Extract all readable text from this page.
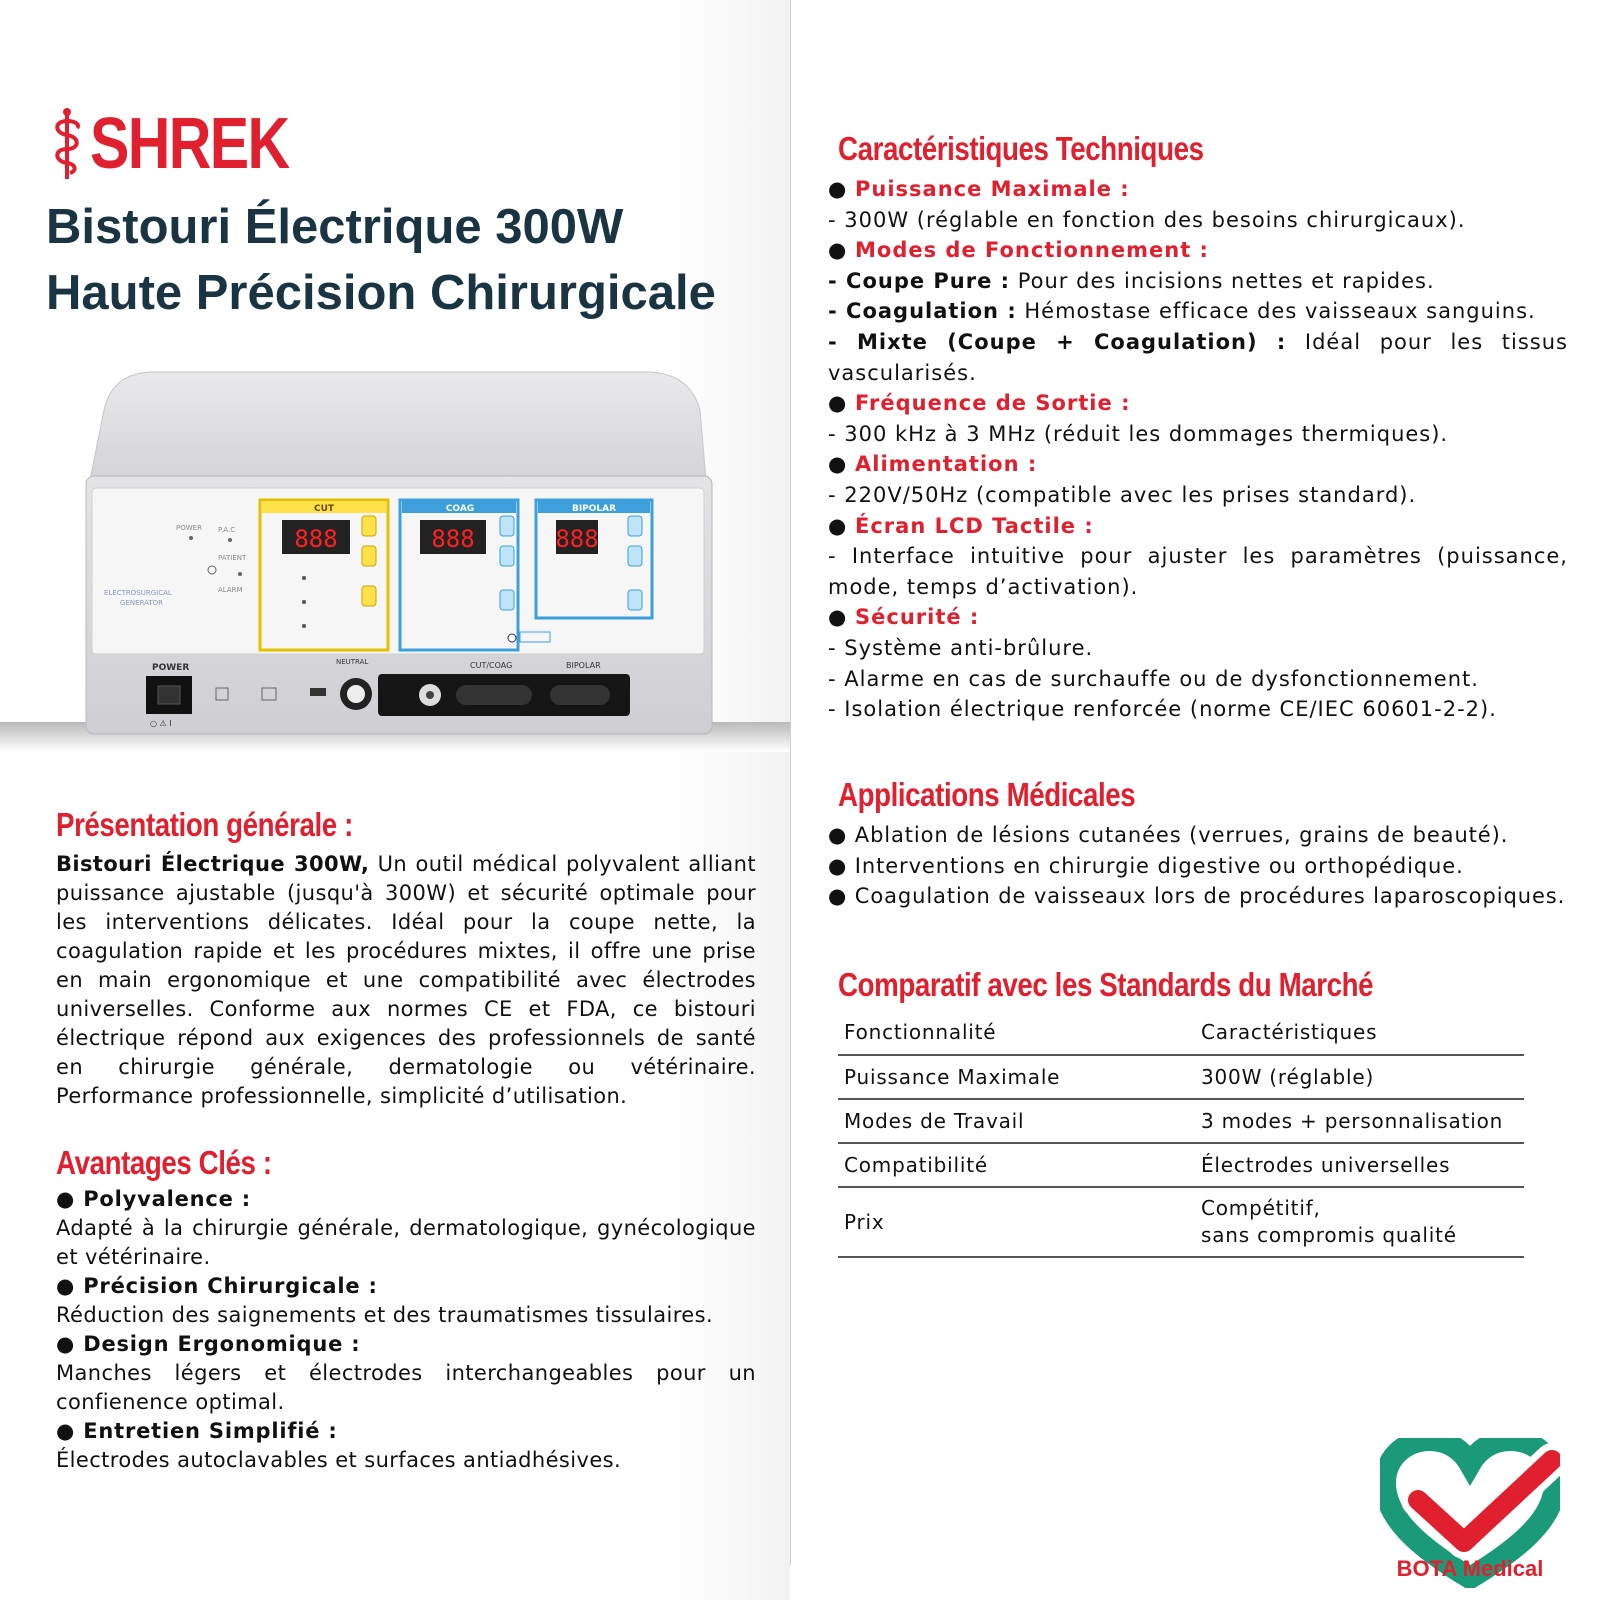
SHREK
Bistouri Électrique 300W
Haute Précision Chirurgicale
POWER P.A.C
PATIENT
ALARM
ELECTROSURGICAL
GENERATOR
CUT
888
COAG
888
BIPOLAR
888
POWER
NEUTRAL	CUT/COAG	BIPOLAR
○ ⚠ I
Présentation générale :

Bistouri Électrique 300W, Un outil médical polyvalent alliant puissance ajustable (jusqu'à 300W) et sécurité optimale pour les interventions délicates. Idéal pour la coupe nette, la coagulation rapide et les procédures mixtes, il offre une prise en main ergonomique et une compatibilité avec électrodes universelles. Conforme aux normes CE et FDA, ce bistouri électrique répond aux exigences des professionnels de santé en chirurgie générale, dermatologie ou vétérinaire. Performance professionnelle, simplicité d’utilisation.

Avantages Clés :
● Polyvalence :
Adapté à la chirurgie générale, dermatologique, gynécologique et vétérinaire.
● Précision Chirurgicale :
Réduction des saignements et des traumatismes tissulaires.
● Design Ergonomique :
Manches légers et électrodes interchangeables pour un confienence optimal.
● Entretien Simplifié :
Électrodes autoclavables et surfaces antiadhésives.
Caractéristiques Techniques
● Puissance Maximale :
- 300W (réglable en fonction des besoins chirurgicaux).
● Modes de Fonctionnement :
- Coupe Pure : Pour des incisions nettes et rapides.
- Coagulation : Hémostase efficace des vaisseaux sanguins.
- Mixte (Coupe + Coagulation) : Idéal pour les tissus vascularisés.
● Fréquence de Sortie :
- 300 kHz à 3 MHz (réduit les dommages thermiques).
● Alimentation :
- 220V/50Hz (compatible avec les prises standard).
● Écran LCD Tactile :
- Interface intuitive pour ajuster les paramètres (puissance, mode, temps d’activation).
● Sécurité :
- Système anti-brûlure.
- Alarme en cas de surchauffe ou de dysfonctionnement.
- Isolation électrique renforcée (norme CE/IEC 60601-2-2).
Applications Médicales
● Ablation de lésions cutanées (verrues, grains de beauté).
● Interventions en chirurgie digestive ou orthopédique.
● Coagulation de vaisseaux lors de procédures laparoscopiques.
Comparatif avec les Standards du Marché
Fonctionnalité	Caractéristiques
Puissance Maximale	300W (réglable)
Modes de Travail	3 modes + personnalisation
Compatibilité	Électrodes universelles
Prix	Compétitif,
sans compromis qualité
BOTA Medical
